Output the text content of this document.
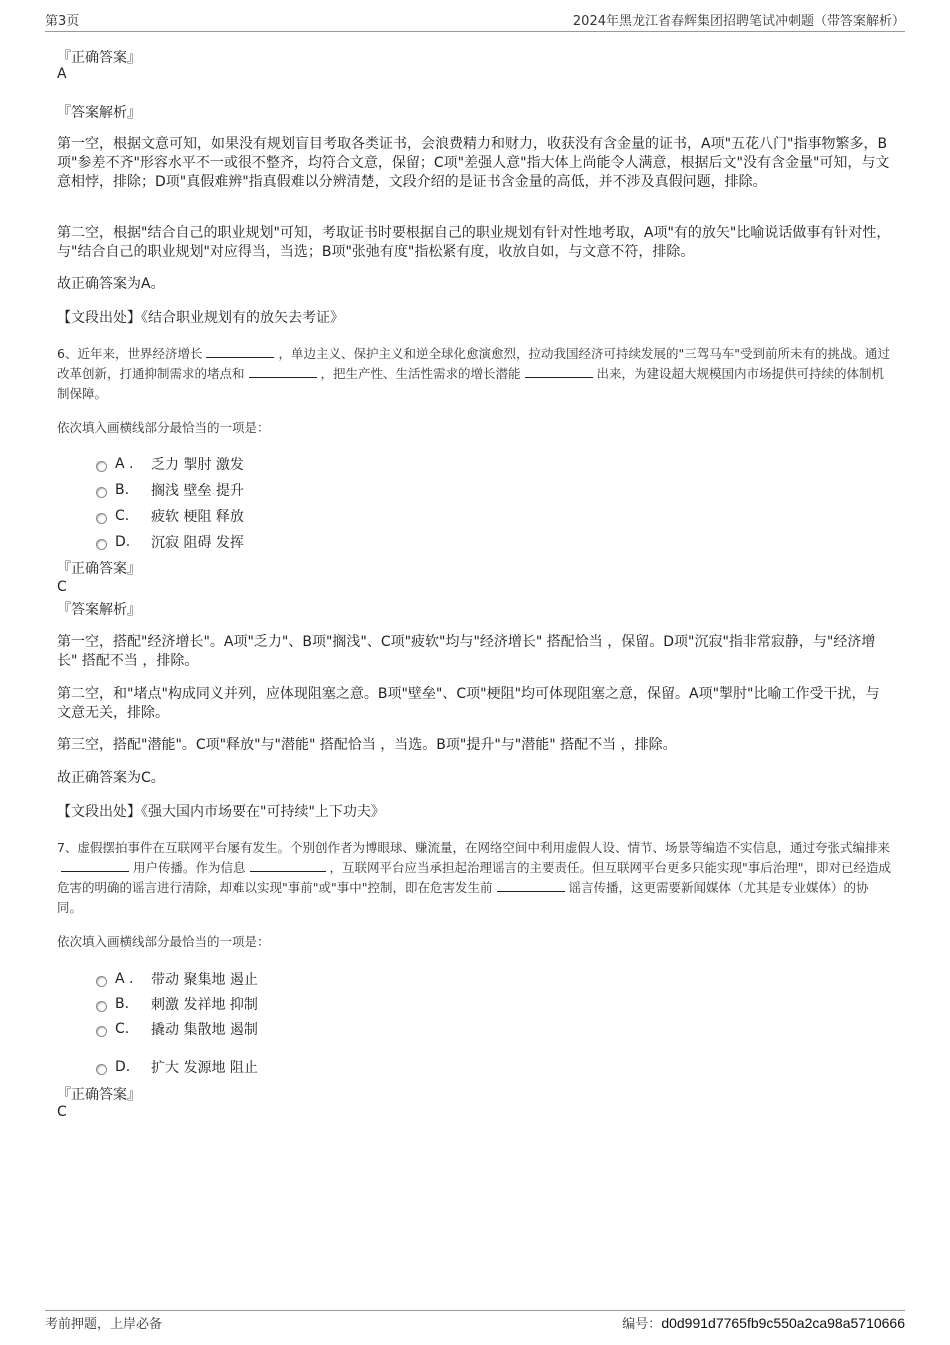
第3页	2024年黑龙江省春辉集团招聘笔试冲刺题（带答案解析）
『正确答案』
A
『答案解析』
第一空，根据文意可知，如果没有规划盲目考取各类证书，会浪费精力和财力，收获没有含金量的证书，A项"五花八门"指事物繁多，B项"参差不齐"形容水平不一或很不整齐，均符合文意，保留；C项"差强人意"指大体上尚能令人满意，根据后文"没有含金量"可知，与文意相悖，排除；D项"真假难辨"指真假难以分辨清楚，文段介绍的是证书含金量的高低，并不涉及真假问题，排除。
第二空，根据"结合自己的职业规划"可知，考取证书时要根据自己的职业规划有针对性地考取，A项"有的放矢"比喻说话做事有针对性，与"结合自己的职业规划"对应得当，当选；B项"张弛有度"指松紧有度，收放自如，与文意不符，排除。
故正确答案为A。
【文段出处】《结合职业规划有的放矢去考证》
6、近年来，世界经济增长	，单边主义、保护主义和逆全球化愈演愈烈，拉动我国经济可持续发展的"三驾马车"受到前所未有的挑战。通过改革创新，打通抑制需求的堵点和	，把生产性、生活性需求的增长潜能	出来，为建设超大规模国内市场提供可持续的体制机制保障。
依次填入画横线部分最恰当的一项是：
A .	乏力 掣肘 激发
B.	搁浅 壁垒 提升
C.	疲软 梗阻 释放
D.	沉寂 阻碍 发挥
『正确答案』
C
『答案解析』
第一空，搭配"经济增长"。A项"乏力"、B项"搁浅"、C项"疲软"均与"经济增长" 搭配恰当 ，保留。D项"沉寂"指非常寂静，与"经济增长" 搭配不当 ，排除。
第二空，和"堵点"构成同义并列，应体现阻塞之意。B项"壁垒"、C项"梗阻"均可体现阻塞之意，保留。A项"掣肘"比喻工作受干扰，与文意无关，排除。
第三空，搭配"潜能"。C项"释放"与"潜能" 搭配恰当 ，当选。B项"提升"与"潜能" 搭配不当 ，排除。
故正确答案为C。
【文段出处】《强大国内市场要在"可持续"上下功夫》
7、虚假摆拍事件在互联网平台屡有发生。个别创作者为博眼球、赚流量，在网络空间中利用虚假人设、情节、场景等编造不实信息，通过夸张式编排来用户传播。作为信息	，互联网平台应当承担起治理谣言的主要责任。但互联网平台更多只能实现"事后治理"，即对已经造成危害的明确的谣言进行清除，却难以实现"事前"或"事中"控制，即在危害发生前	谣言传播，这更需要新闻媒体（尤其是专业媒体）的协同。
依次填入画横线部分最恰当的一项是：
A .	带动 聚集地 遏止
B.	刺激 发祥地 抑制
C.	撬动 集散地 遏制
D.	扩大 发源地 阻止
『正确答案』
C
考前押题，上岸必备	编号：d0d991d7765fb9c550a2ca98a5710666
